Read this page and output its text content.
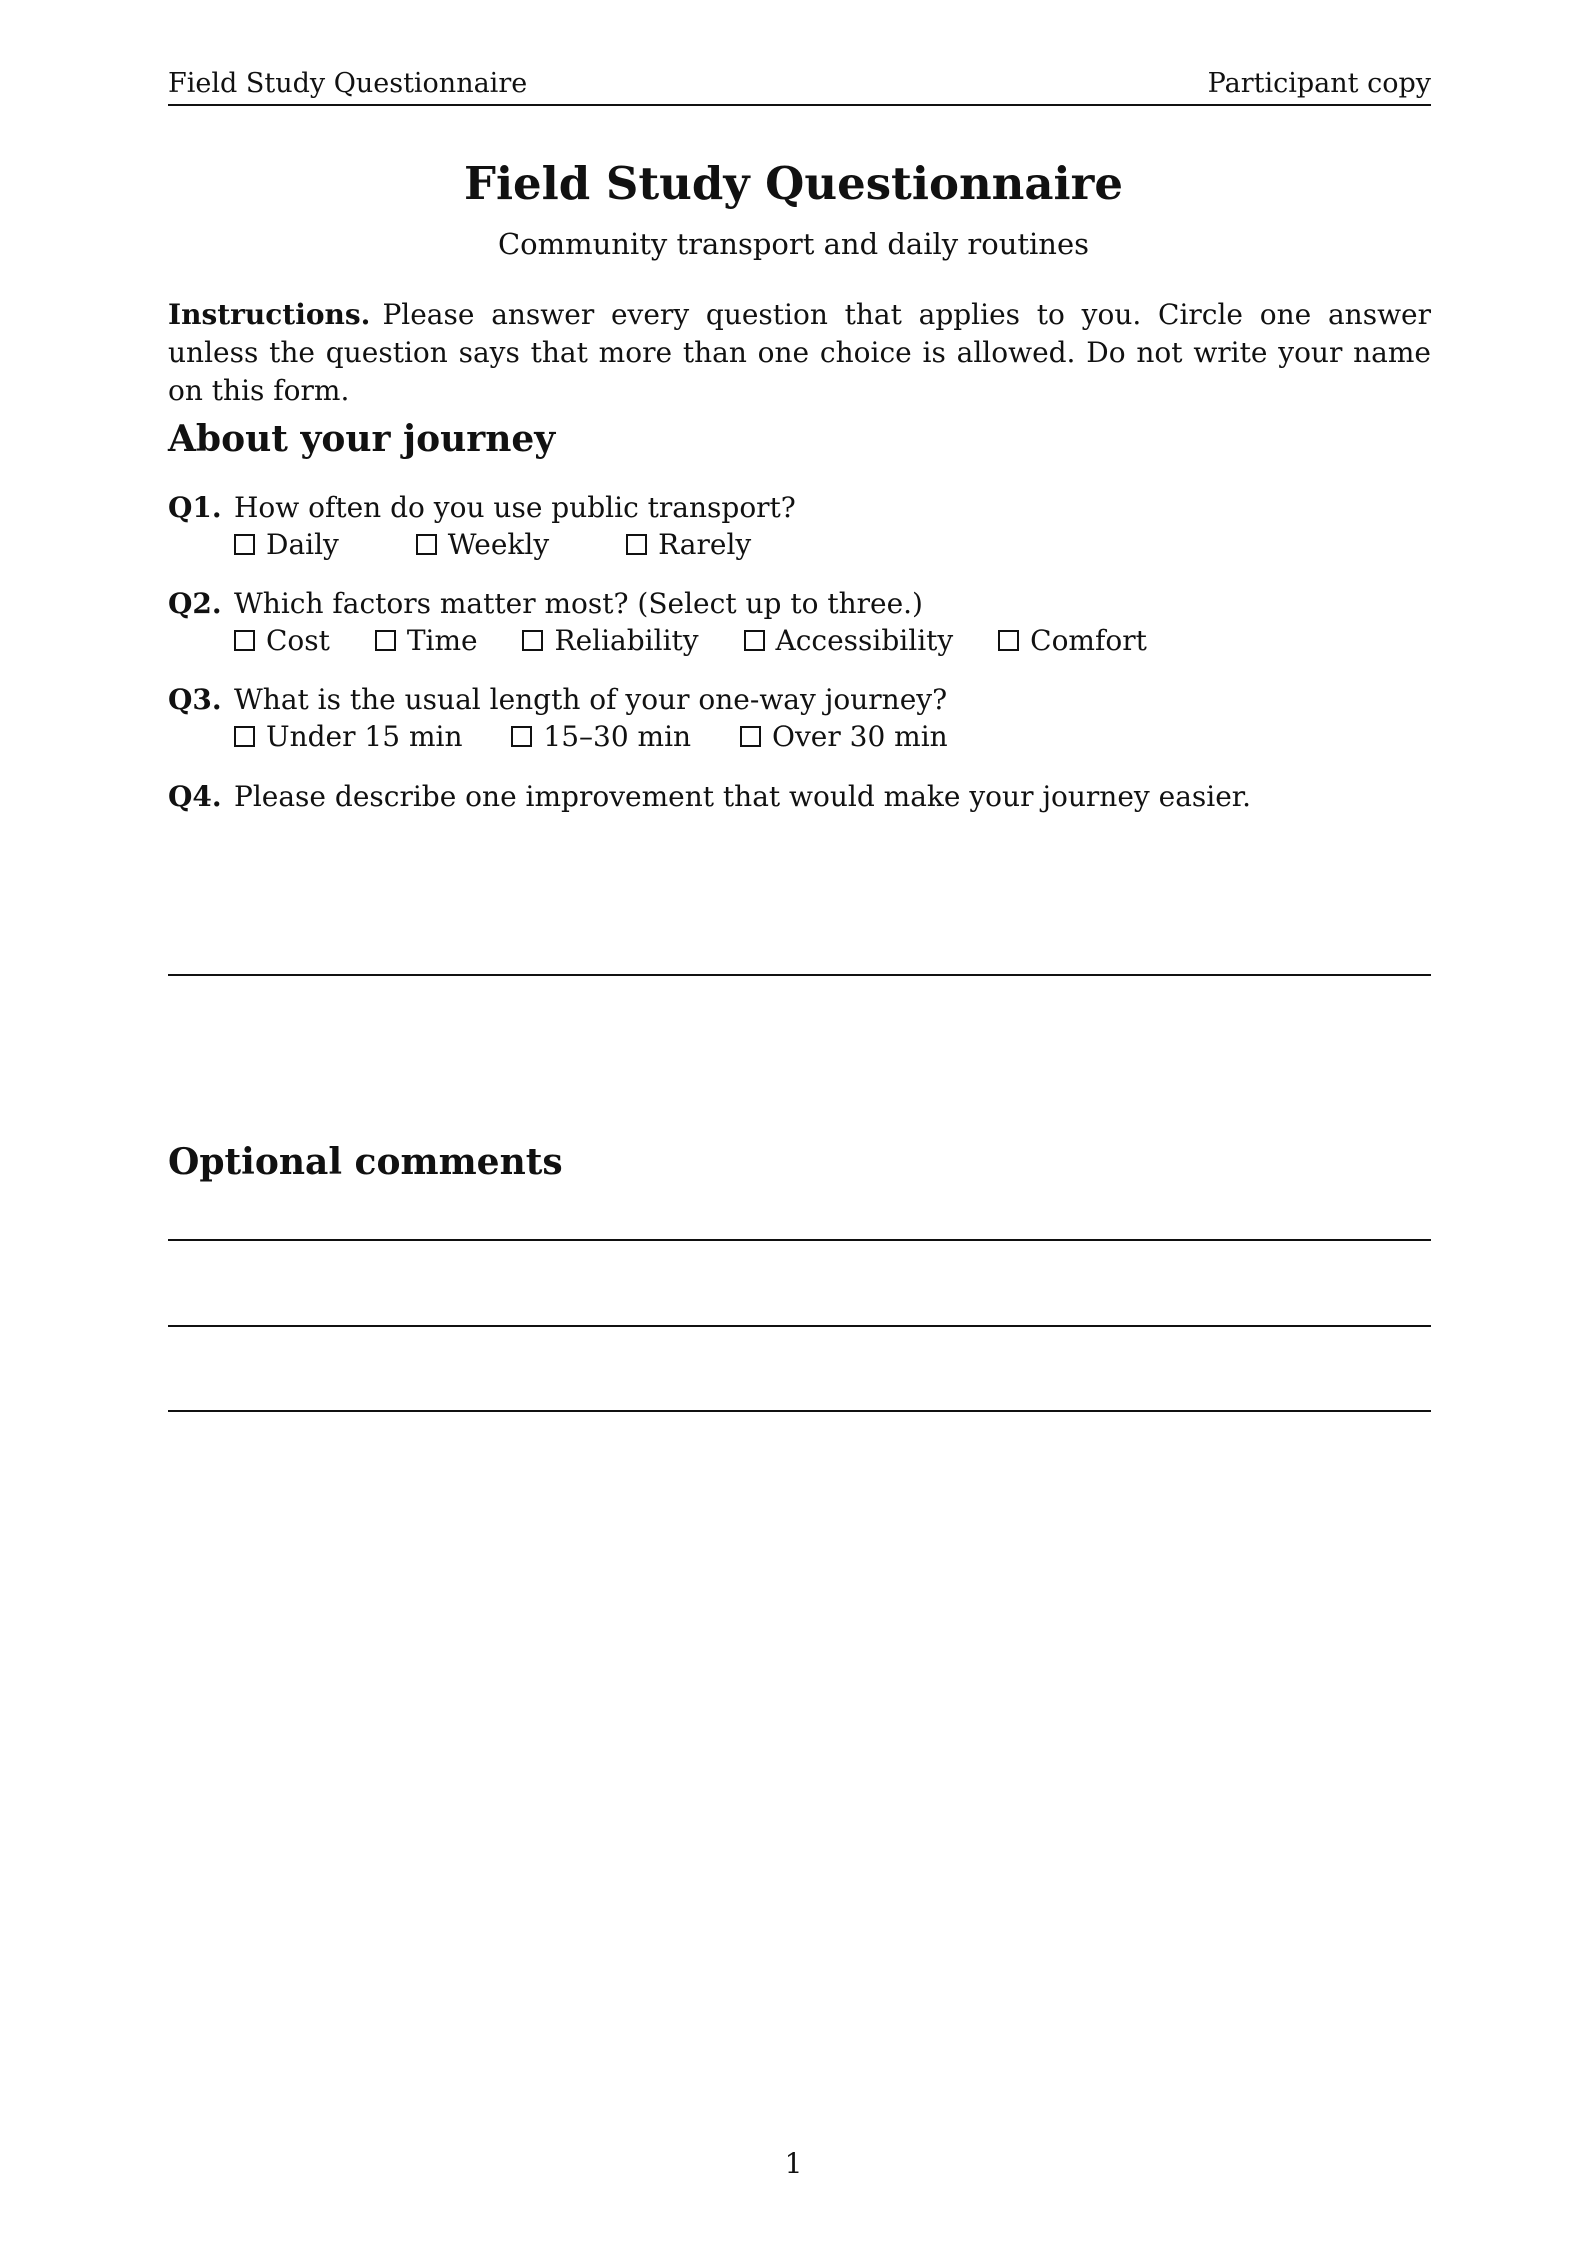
Field Study Questionnaire	Participant copy
Field Study Questionnaire
Community transport and daily routines
Instructions. Please answer every question that applies to you. Circle one answer unless the question says that more than one choice is allowed. Do not write your name on this form.
About your journey
Q1. How often do you use public transport?
Daily	Weekly	Rarely
Q2. Which factors matter most? (Select up to three.)
Cost	Time	Reliability	Accessibility	Comfort
Q3. What is the usual length of your one-way journey?
Under 15 min	15–30 min	Over 30 min
Q4. Please describe one improvement that would make your journey easier.
Optional comments
1
